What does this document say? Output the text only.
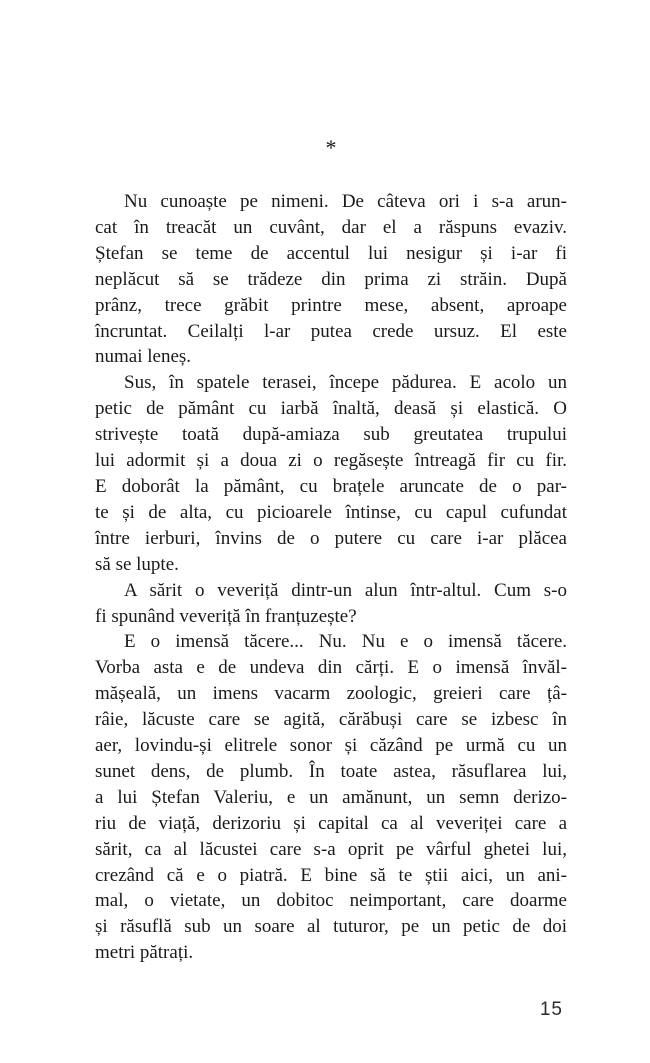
*
Nu cunoaște pe nimeni. De câteva ori i s-a arun-
cat în treacăt un cuvânt, dar el a răspuns evaziv.
Ștefan se teme de accentul lui nesigur și i-ar fi
neplăcut să se trădeze din prima zi străin. După
prânz, trece grăbit printre mese, absent, aproape
încruntat. Ceilalți l-ar putea crede ursuz. El este
numai leneș.
Sus, în spatele terasei, începe pădurea. E acolo un
petic de pământ cu iarbă înaltă, deasă și elastică. O
strivește toată după-amiaza sub greutatea trupului
lui adormit și a doua zi o regăsește întreagă fir cu fir.
E doborât la pământ, cu brațele aruncate de o par-
te și de alta, cu picioarele întinse, cu capul cufundat
între ierburi, învins de o putere cu care i-ar plăcea
să se lupte.
A sărit o veveriță dintr-un alun într-altul. Cum s-o
fi spunând veveriță în franțuzește?
E o imensă tăcere... Nu. Nu e o imensă tăcere.
Vorba asta e de undeva din cărți. E o imensă învăl-
mășeală, un imens vacarm zoologic, greieri care țâ-
râie, lăcuste care se agită, cărăbuși care se izbesc în
aer, lovindu-și elitrele sonor și căzând pe urmă cu un
sunet dens, de plumb. În toate astea, răsuflarea lui,
a lui Ștefan Valeriu, e un amănunt, un semn derizo-
riu de viață, derizoriu și capital ca al veveriței care a
sărit, ca al lăcustei care s-a oprit pe vârful ghetei lui,
crezând că e o piatră. E bine să te știi aici, un ani-
mal, o vietate, un dobitoc neimportant, care doarme
și răsuflă sub un soare al tuturor, pe un petic de doi
metri pătrați.
15
